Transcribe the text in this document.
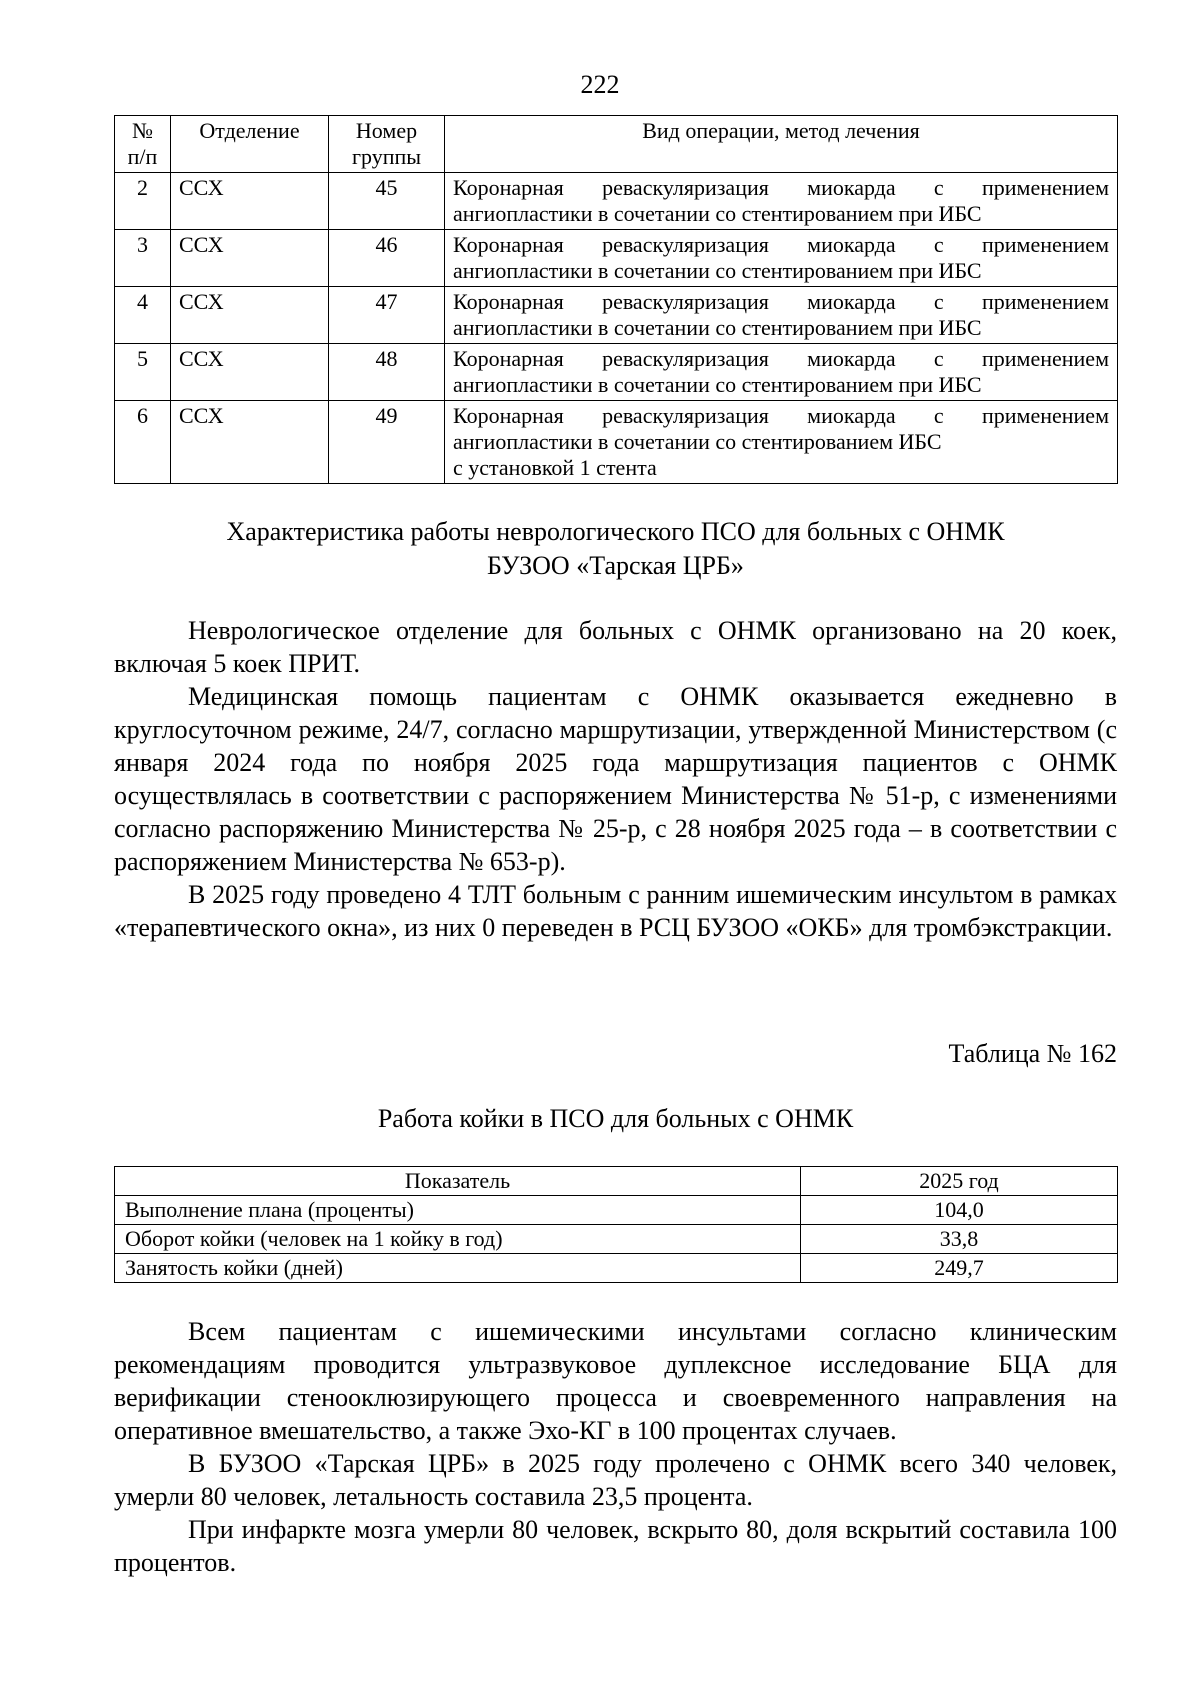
222
№ п/п	Отделение	Номер группы	Вид операции, метод лечения
2	ССХ	45	Коронарная реваскуляризация миокарда с применением ангиопластики в сочетании со стентированием при ИБС
3	ССХ	46	Коронарная реваскуляризация миокарда с применением ангиопластики в сочетании со стентированием при ИБС
4	ССХ	47	Коронарная реваскуляризация миокарда с применением ангиопластики в сочетании со стентированием при ИБС
5	ССХ	48	Коронарная реваскуляризация миокарда с применением ангиопластики в сочетании со стентированием при ИБС
6	ССХ	49	Коронарная реваскуляризация миокарда с применением ангиопластики в сочетании со стентированием ИБС
с установкой 1 стента
Характеристика работы неврологического ПСО для больных с ОНМК
БУЗОО «Тарская ЦРБ»

Неврологическое отделение для больных с ОНМК организовано на 20 коек, включая 5 коек ПРИТ.

Медицинская помощь пациентам с ОНМК оказывается ежедневно в круглосуточном режиме, 24/7, согласно маршрутизации, утвержденной Министерством (с января 2024 года по ноября 2025 года маршрутизация пациентов с ОНМК осуществлялась в соответствии с распоряжением Министерства № 51-р, с изменениями согласно распоряжению Министерства № 25-р, с 28 ноября 2025 года – в соответствии с распоряжением Министерства № 653-р).

В 2025 году проведено 4 ТЛТ больным с ранним ишемическим инсультом в рамках «терапевтического окна», из них 0 переведен в РСЦ БУЗОО «ОКБ» для тромбэкстракции.

Таблица № 162
Работа койки в ПСО для больных с ОНМК
Показатель	2025 год
Выполнение плана (проценты)	104,0
Оборот койки (человек на 1 койку в год)	33,8
Занятость койки (дней)	249,7

Всем пациентам с ишемическими инсультами согласно клиническим рекомендациям проводится ультразвуковое дуплексное исследование БЦА для верификации стенооклюзирующего процесса и своевременного направления на оперативное вмешательство, а также Эхо-КГ в 100 процентах случаев.

В БУЗОО «Тарская ЦРБ» в 2025 году пролечено с ОНМК всего 340 человек, умерли 80 человек, летальность составила 23,5 процента.

При инфаркте мозга умерли 80 человек, вскрыто 80, доля вскрытий составила 100 процентов.
